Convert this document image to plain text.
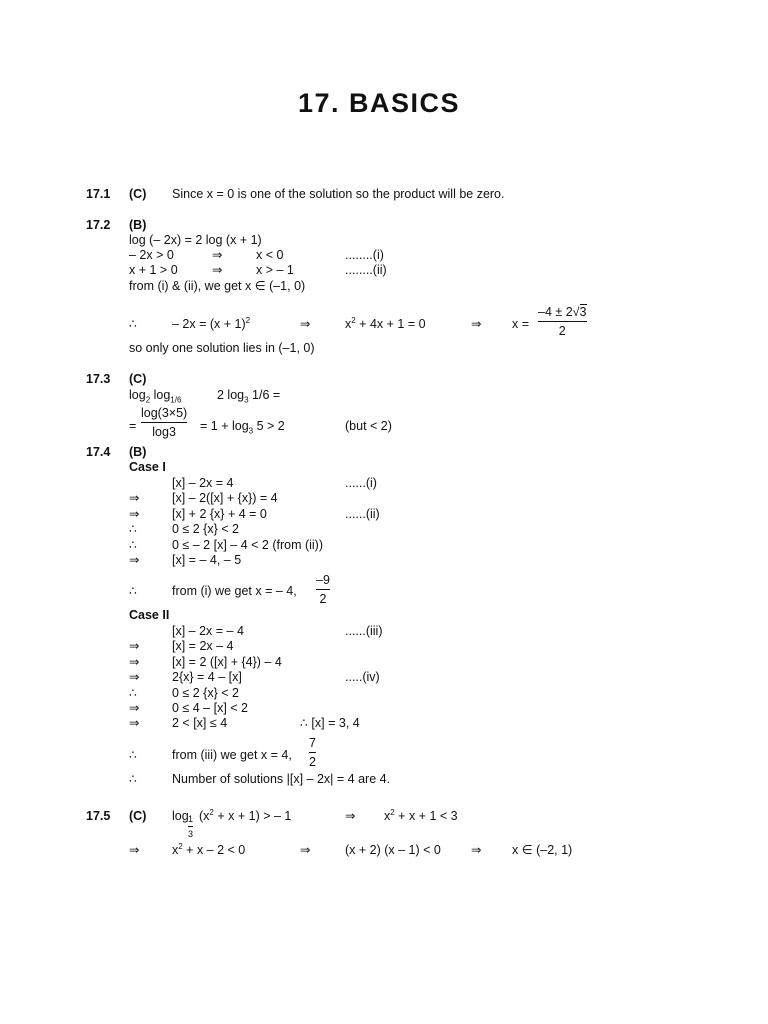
17. BASICS
17.1 (C) Since x = 0 is one of the solution so the product will be zero.
17.2 (B)
log (– 2x) = 2 log (x + 1)
– 2x > 0	⇒	x < 0	........(i)
x + 1 > 0	⇒	x > – 1	........(ii)
from (i) & (ii), we get x ∈ (–1, 0)
∴	– $2x = (x + 1)^2$	⇒	$x^2 + 4x + 1 = 0$	⇒ x =
–4 ± 2√3
2
so only one solution lies in (–1, 0)
17.3 (C)
$\log_2 \log_{1/6}$	2 $\log_3 1/6$ =
=
log(3×5)
log3	= $1 + \log_3 5 > 2$	(but < 2)
17.4 (B)
Case I
[x] – 2x = 4	......(i)
⇒	[x] – 2([x] + {x}) = 4
⇒	[x] + 2 {x} + 4 = 0	......(ii)
∴	0 ≤ 2 {x} < 2
∴	0 ≤ – 2 [x] – 4 < 2 (from (ii))
⇒	[x] = – 4, – 5
∴	from (i) we get x = – 4,
–9
2
Case II
[x] – 2x = – 4	......(iii)
⇒	[x] = 2x – 4
⇒	[x] = 2 ([x] + {4}) – 4
⇒	2{x} = 4 – [x]	.....(iv)
∴	0 ≤ 2 {x} < 2
⇒	0 ≤ 4 – [x] < 2
⇒	2 < [x] ≤ 4	∴ [x] = 3, 4
∴	from (iii) we get x = 4,
7
2
∴	Number of solutions |[x] – 2x| = 4 are 4.
17.5 (C) log 1
3
$(x^2 + x + 1)$ > – 1	⇒ $x^2 + x + 1 < 3$
⇒	$x^2 + x - 2 < 0$	⇒	(x + 2) (x – 1) < 0 ⇒ x ∈ (–2, 1)
